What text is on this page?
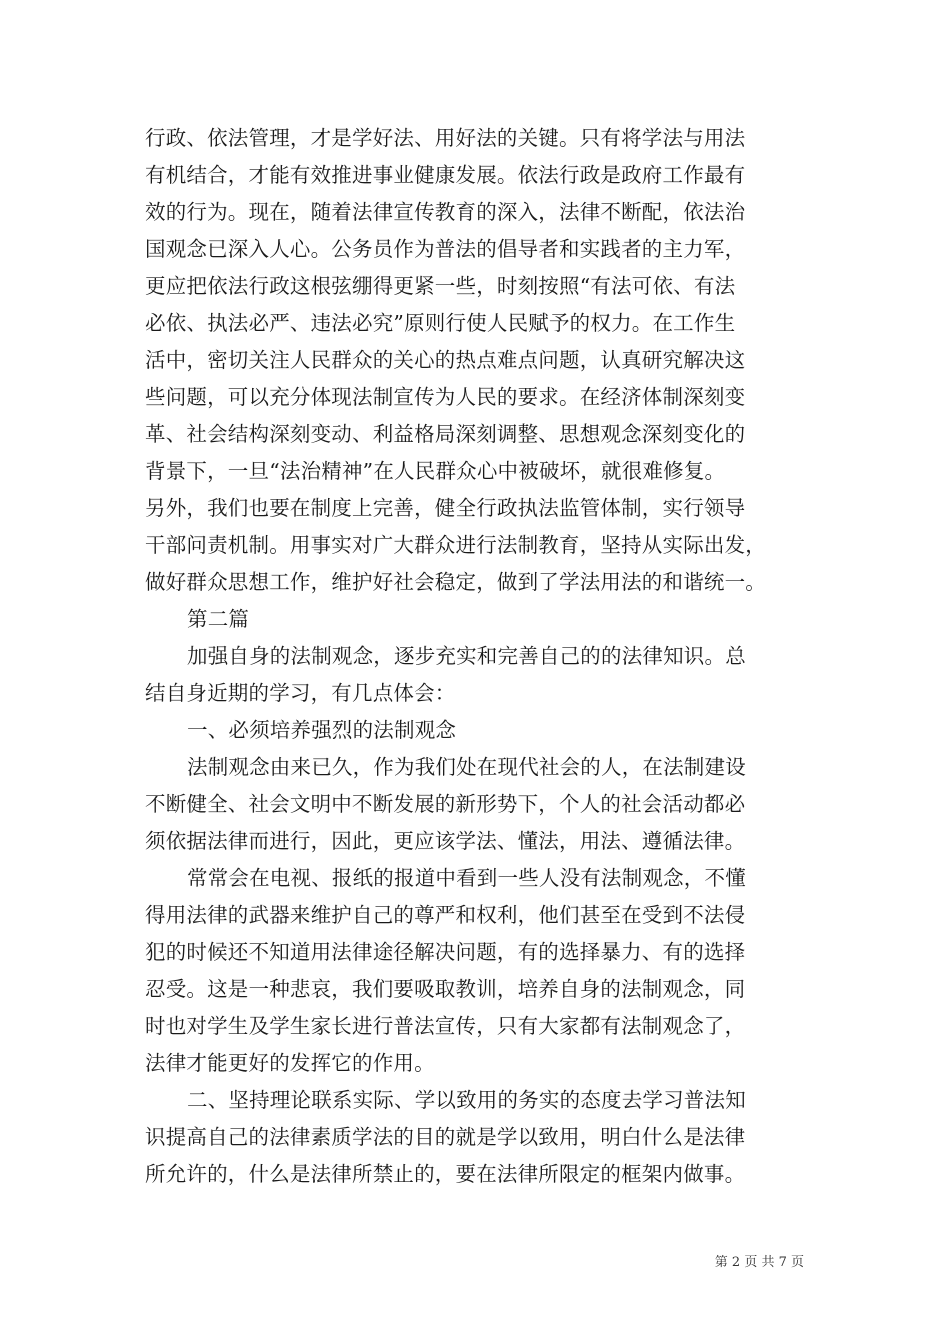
行政、依法管理，才是学好法、用好法的关键。只有将学法与用法
有机结合，才能有效推进事业健康发展。依法行政是政府工作最有
效的行为。现在，随着法律宣传教育的深入，法律不断配，依法治
国观念已深入人心。公务员作为普法的倡导者和实践者的主力军，
更应把依法行政这根弦绷得更紧一些，时刻按照“有法可依、有法
必依、执法必严、违法必究”原则行使人民赋予的权力。在工作生
活中，密切关注人民群众的关心的热点难点问题，认真研究解决这
些问题，可以充分体现法制宣传为人民的要求。在经济体制深刻变
革、社会结构深刻变动、利益格局深刻调整、思想观念深刻变化的
背景下，一旦“法治精神”在人民群众心中被破坏，就很难修复。
另外，我们也要在制度上完善，健全行政执法监管体制，实行领导
干部问责机制。用事实对广大群众进行法制教育，坚持从实际出发，
做好群众思想工作，维护好社会稳定，做到了学法用法的和谐统一。
第二篇
加强自身的法制观念，逐步充实和完善自己的的法律知识。总
结自身近期的学习，有几点体会：
一、必须培养强烈的法制观念
法制观念由来已久，作为我们处在现代社会的人，在法制建设
不断健全、社会文明中不断发展的新形势下，个人的社会活动都必
须依据法律而进行，因此，更应该学法、懂法，用法、遵循法律。
常常会在电视、报纸的报道中看到一些人没有法制观念，不懂
得用法律的武器来维护自己的尊严和权利，他们甚至在受到不法侵
犯的时候还不知道用法律途径解决问题，有的选择暴力、有的选择
忍受。这是一种悲哀，我们要吸取教训，培养自身的法制观念，同
时也对学生及学生家长进行普法宣传，只有大家都有法制观念了，
法律才能更好的发挥它的作用。
二、坚持理论联系实际、学以致用的务实的态度去学习普法知
识提高自己的法律素质学法的目的就是学以致用，明白什么是法律
所允许的，什么是法律所禁止的，要在法律所限定的框架内做事。
第 2 页 共 7 页
